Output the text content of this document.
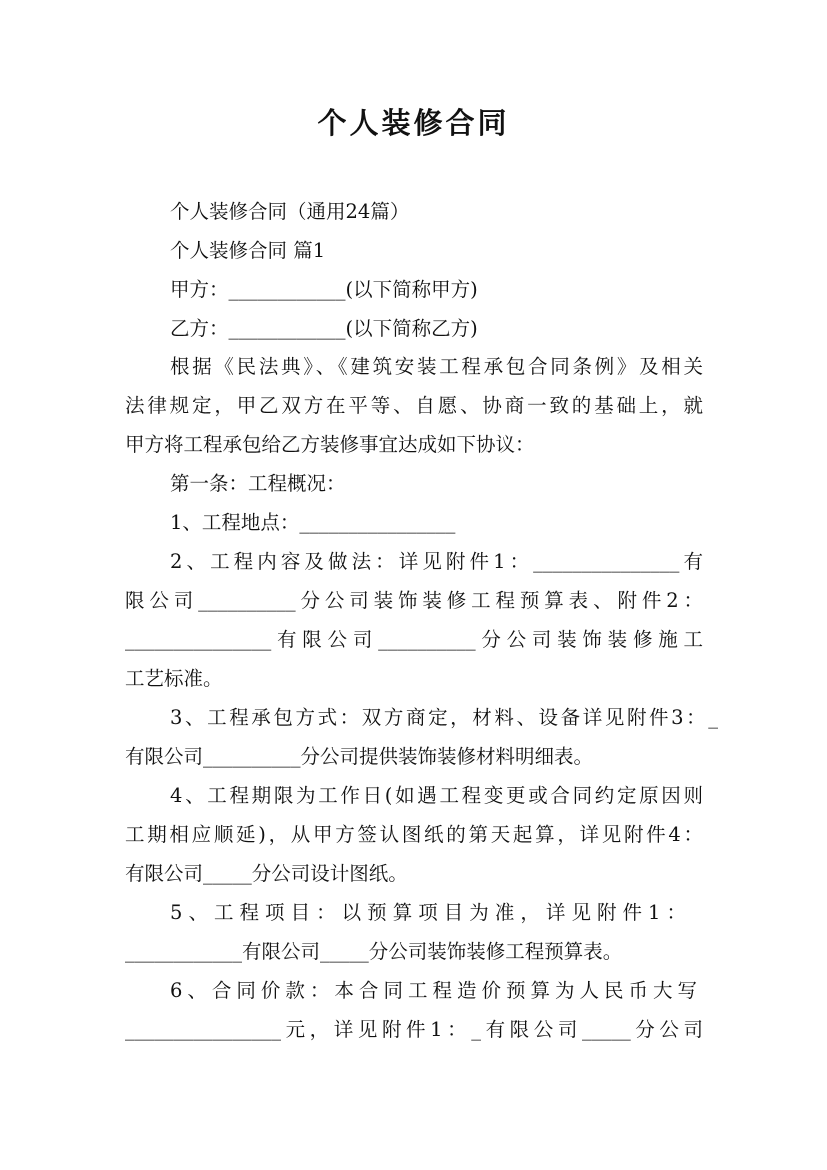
个人装修合同
个人装修合同（通用24篇）
个人装修合同 篇1
甲方：____________(以下简称甲方)
乙方：____________(以下简称乙方)
根据《民法典》、《建筑安装工程承包合同条例》及相关
法律规定，甲乙双方在平等、自愿、协商一致的基础上，就
甲方将工程承包给乙方装修事宜达成如下协议：
第一条：工程概况：
1、工程地点：________________
2、工程内容及做法：详见附件1：_______________有
限公司__________分公司装饰装修工程预算表、附件2：
_______________有限公司__________分公司装饰装修施工
工艺标准。
3、工程承包方式：双方商定，材料、设备详见附件3：_
有限公司__________分公司提供装饰装修材料明细表。
4、工程期限为工作日(如遇工程变更或合同约定原因则
工期相应顺延)，从甲方签认图纸的第天起算，详见附件4：
有限公司_____分公司设计图纸。
5、工程项目：以预算项目为准，详见附件1：
____________有限公司_____分公司装饰装修工程预算表。
6、合同价款：本合同工程造价预算为人民币大写
________________元，详见附件1：_有限公司_____分公司
